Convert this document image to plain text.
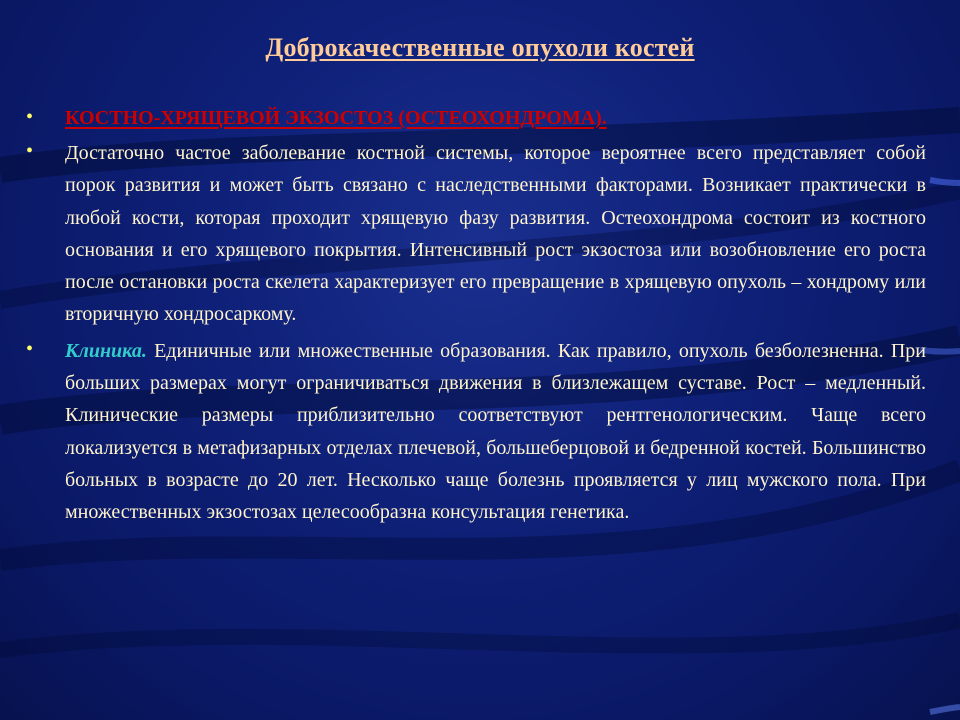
Доброкачественные опухоли костей
•	КОСТНО-ХРЯЩЕВОЙ ЭКЗОСТОЗ (ОСТЕОХОНДРОМА).
•	Достаточно частое заболевание костной системы, которое вероятнее всего представляет собой порок развития и может быть связано с наследственными факторами. Возникает практически в любой кости, которая проходит хрящевую фазу развития. Остеохондрома состоит из костного основания и его хрящевого покрытия. Интенсивный рост экзостоза или возобновление его роста после остановки роста скелета характеризует его превращение в хрящевую опухоль – хондрому или вторичную хондросаркому.
•	Клиника. Единичные или множественные образования. Как правило, опухоль безболезненна. При больших размерах могут ограничиваться движения в близлежащем суставе. Рост – медленный. Клинические размеры приблизительно соответствуют рентгенологическим. Чаще всего локализуется в метафизарных отделах плечевой, большеберцовой и бедренной костей. Большинство больных в возрасте до 20 лет. Несколько чаще болезнь проявляется у лиц мужского пола. При множественных экзостозах целесообразна консультация генетика.
